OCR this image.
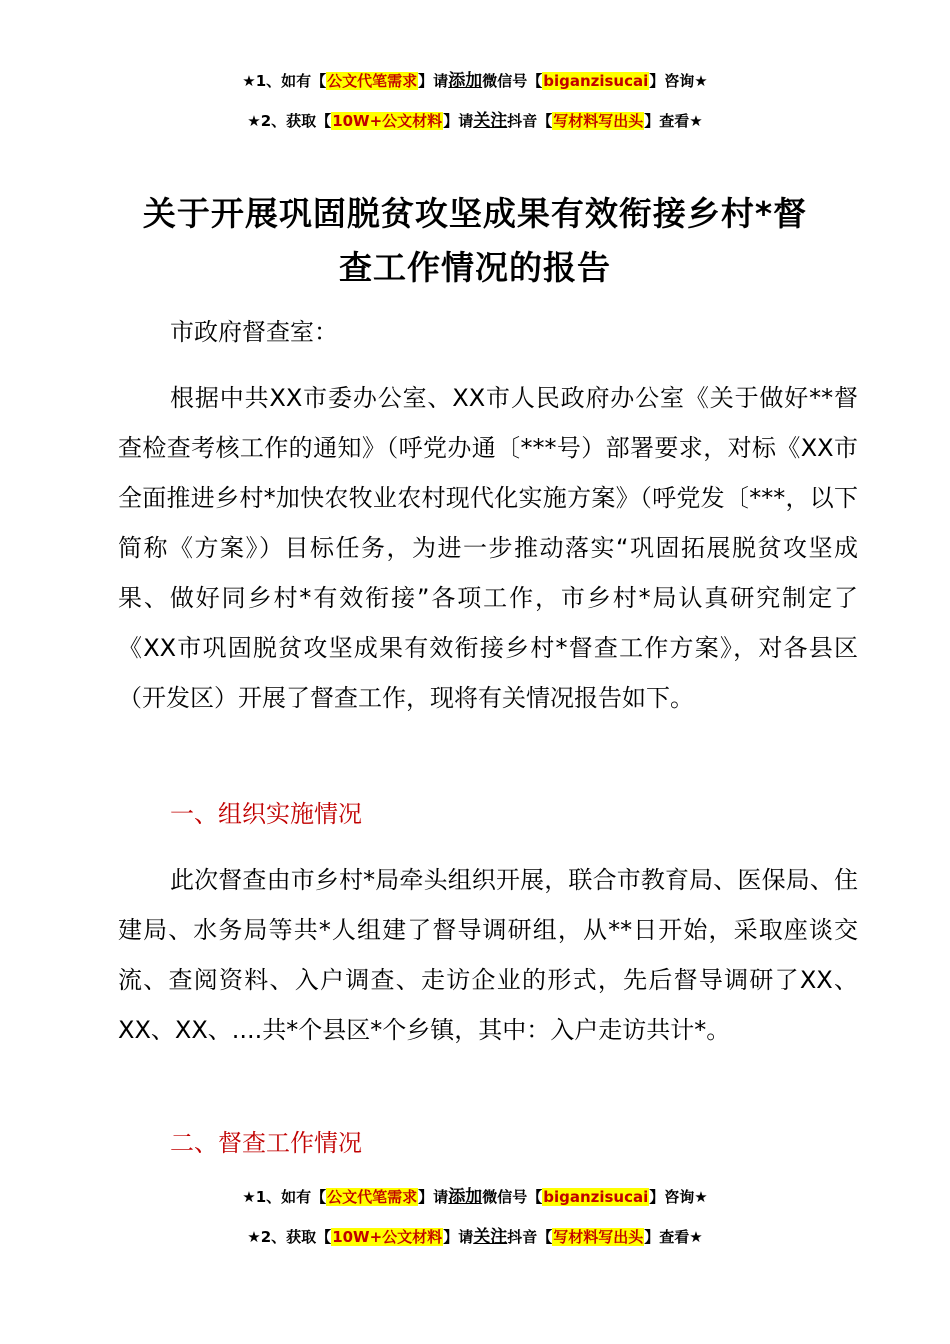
★1、如有【公文代笔需求】请添加微信号【biganzisucai】咨询★
★2、获取【10W+公文材料】请关注抖音【写材料写出头】查看★
关于开展巩固脱贫攻坚成果有效衔接乡村*督
查工作情况的报告
市政府督查室：
根据中共XX市委办公室、XX市人民政府办公室《关于做好**督查检查考核工作的通知》（呼党办通〔***号）部署要求，对标《XX市全面推进乡村*加快农牧业农村现代化实施方案》（呼党发〔***，以下简称《方案》）目标任务，为进一步推动落实“巩固拓展脱贫攻坚成果、做好同乡村*有效衔接”各项工作，市乡村*局认真研究制定了《XX市巩固脱贫攻坚成果有效衔接乡村*督查工作方案》，对各县区（开发区）开展了督查工作，现将有关情况报告如下。
一、组织实施情况
此次督查由市乡村*局牵头组织开展，联合市教育局、医保局、住建局、水务局等共*人组建了督导调研组，从**日开始，采取座谈交流、查阅资料、入户调查、走访企业的形式，先后督导调研了XX、XX、XX、....共*个县区*个乡镇，其中：入户走访共计*。
二、督查工作情况
★1、如有【公文代笔需求】请添加微信号【biganzisucai】咨询★
★2、获取【10W+公文材料】请关注抖音【写材料写出头】查看★
